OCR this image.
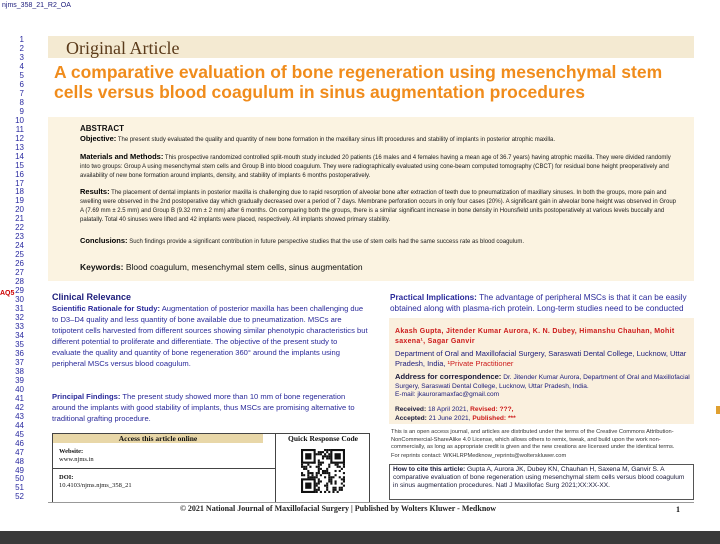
njms_358_21_R2_OA
1
2
3
4
5
6
7
8
9
10
11
12
13
14
15
16
17
18
19
20
21
22
23
24
25
26
27
28
29
30
31
32
33
34
35
36
37
38
39
40
41
42
43
44
45
46
47
48
49
50
51
52
AQ5
Original Article
A comparative evaluation of bone regeneration using mesenchymal stem cells versus blood coagulum in sinus augmentation procedures
ABSTRACT
Objective: The present study evaluated the quality and quantity of new bone formation in the maxillary sinus lift procedures and stability of implants in posterior atrophic maxilla.
Materials and Methods: This prospective randomized controlled split-mouth study included 20 patients (16 males and 4 females having a mean age of 36.7 years) having atrophic maxilla. They were divided randomly into two groups: Group A using mesenchymal stem cells and Group B into blood coagulum. They were radiographically evaluated using cone-beam computed tomography (CBCT) for residual bone height preoperatively and availability of new bone formation around implants, density, and stability of implants 6 months postoperatively.
Results: The placement of dental implants in posterior maxilla is challenging due to rapid resorption of alveolar bone after extraction of teeth due to pneumatization of maxillary sinuses. In both the groups, more pain and swelling were observed in the 2nd postoperative day which gradually decreased over a period of 7 days. Membrane perforation occurs in only four cases (20%). A significant gain in alveolar bone height was observed in Group A (7.69 mm ± 2.5 mm) and Group B (9.32 mm ± 2 mm) after 6 months. On comparing both the groups, there is a similar significant increase in bone density in Hounsfield units postoperatively at various levels buccally and palatally. Total 40 sinuses were lifted and 42 implants were placed, respectively. All implants showed primary stability.
Conclusions: Such findings provide a significant contribution in future perspective studies that the use of stem cells had the same success rate as blood coagulum.
Keywords: Blood coagulum, mesenchymal stem cells, sinus augmentation
Clinical Relevance
Scientific Rationale for Study: Augmentation of posterior maxilla has been challenging due to D3–D4 quality and less quantity of bone available due to pneumatization. MSCs are totipotent cells harvested from different sources showing similar phenotypic characteristics but different potential to proliferate and differentiate. The objective of the present study to evaluate the quality and quantity of bone regeneration 360° around the implants using peripheral MSCs versus blood coagulum.
Principal Findings: The present study showed more than 10 mm of bone regeneration around the implants with good stability of implants, thus MSCs are promising alternative to traditional grafting procedure.
Access this article online	Quick Response Code
Website:
www.njms.in
DOI:
10.4103/njms.njms_358_21
Practical Implications: The advantage of peripheral MSCs is that it can be easily obtained along with plasma-rich protein. Long-term studies need to be conducted
Akash Gupta, Jitender Kumar Aurora, K. N. Dubey, Himanshu Chauhan, Mohit saxena¹, Sagar Ganvir
Department of Oral and Maxillofacial Surgery, Saraswati Dental College, Lucknow, Uttar Pradesh, India, ¹Private Practitioner
Address for correspondence: Dr. Jitender Kumar Aurora, Department of Oral and Maxillofacial Surgery, Saraswati Dental College, Lucknow, Uttar Pradesh, India.
E-mail: jkauroramaxfac@gmail.com
Received: 18 April 2021, Revised: ???,
Accepted: 21 June 2021, Published: ***
This is an open access journal, and articles are distributed under the terms of the Creative Commons Attribution-NonCommercial-ShareAlike 4.0 License, which allows others to remix, tweak, and build upon the work non-commercially, as long as appropriate credit is given and the new creations are licensed under the identical terms.
For reprints contact: WKHLRPMedknow_reprints@wolterskluwer.com
How to cite this article: Gupta A, Aurora JK, Dubey KN, Chauhan H, Saxena M, Ganvir S. A comparative evaluation of bone regeneration using mesenchymal stem cells versus blood coagulum in sinus augmentation procedures. Natl J Maxillofac Surg 2021;XX:XX-XX.
© 2021 National Journal of Maxillofacial Surgery | Published by Wolters Kluwer - Medknow	1
